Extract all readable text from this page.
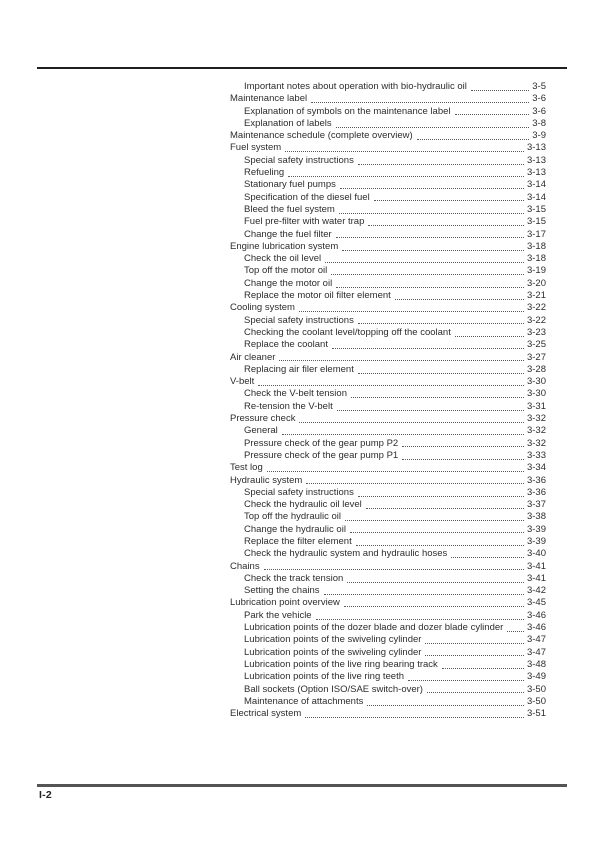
Important notes about operation with bio-hydraulic oil	3-5
Maintenance label	3-6
Explanation of symbols on the maintenance label	3-6
Explanation of labels	3-8
Maintenance schedule (complete overview)	3-9
Fuel system	3-13
Special safety instructions	3-13
Refueling	3-13
Stationary fuel pumps	3-14
Specification of the diesel fuel	3-14
Bleed the fuel system	3-15
Fuel pre-filter with water trap	3-15
Change the fuel filter	3-17
Engine lubrication system	3-18
Check the oil level	3-18
Top off the motor oil	3-19
Change the motor oil	3-20
Replace the motor oil filter element	3-21
Cooling system	3-22
Special safety instructions	3-22
Checking the coolant level/topping off the coolant	3-23
Replace the coolant	3-25
Air cleaner	3-27
Replacing air filer element	3-28
V-belt	3-30
Check the V-belt tension	3-30
Re-tension the V-belt	3-31
Pressure check	3-32
General	3-32
Pressure check of the gear pump P2	3-32
Pressure check of the gear pump P1	3-33
Test log	3-34
Hydraulic system	3-36
Special safety instructions	3-36
Check the hydraulic oil level	3-37
Top off the hydraulic oil	3-38
Change the hydraulic oil	3-39
Replace the filter element	3-39
Check the hydraulic system and hydraulic hoses	3-40
Chains	3-41
Check the track tension	3-41
Setting the chains	3-42
Lubrication point overview	3-45
Park the vehicle	3-46
Lubrication points of the dozer blade and dozer blade cylinder 3-46
Lubrication points of the swiveling cylinder	3-47
Lubrication points of the swiveling cylinder	3-47
Lubrication points of the live ring bearing track	3-48
Lubrication points of the live ring teeth	3-49
Ball sockets (Option ISO/SAE switch-over)	3-50
Maintenance of attachments	3-50
Electrical system	3-51
I-2
